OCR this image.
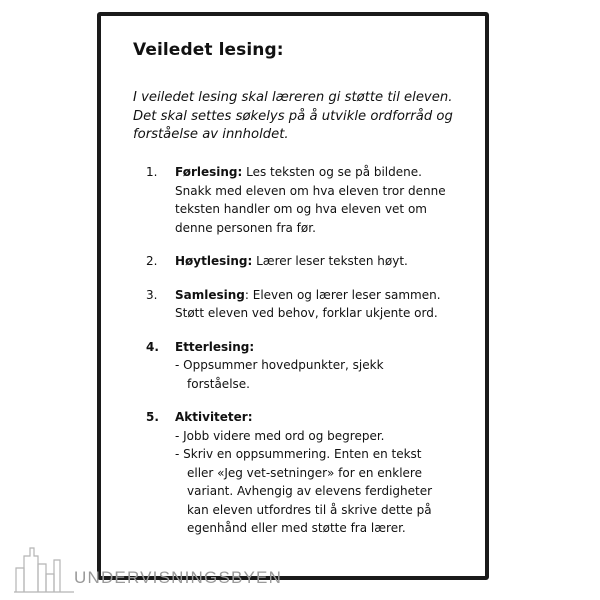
Veiledet lesing:
I veiledet lesing skal læreren gi støtte til eleven. Det skal settes søkelys på å utvikle ordforråd og forståelse av innholdet.
1. Førlesing: Les teksten og se på bildene. Snakk med eleven om hva eleven tror denne teksten handler om og hva eleven vet om denne personen fra før.
2. Høytlesing: Lærer leser teksten høyt.
3. Samlesing: Eleven og lærer leser sammen. Støtt eleven ved behov, forklar ukjente ord.
4. Etterlesing:
- Oppsummer hovedpunkter, sjekk forståelse.
5. Aktiviteter:
- Jobb videre med ord og begreper.
- Skriv en oppsummering. Enten en tekst eller «Jeg vet-setninger» for en enklere variant. Avhengig av elevens ferdigheter kan eleven utfordres til å skrive dette på egenhånd eller med støtte fra lærer.
UNDERVISNINGSBYEN
